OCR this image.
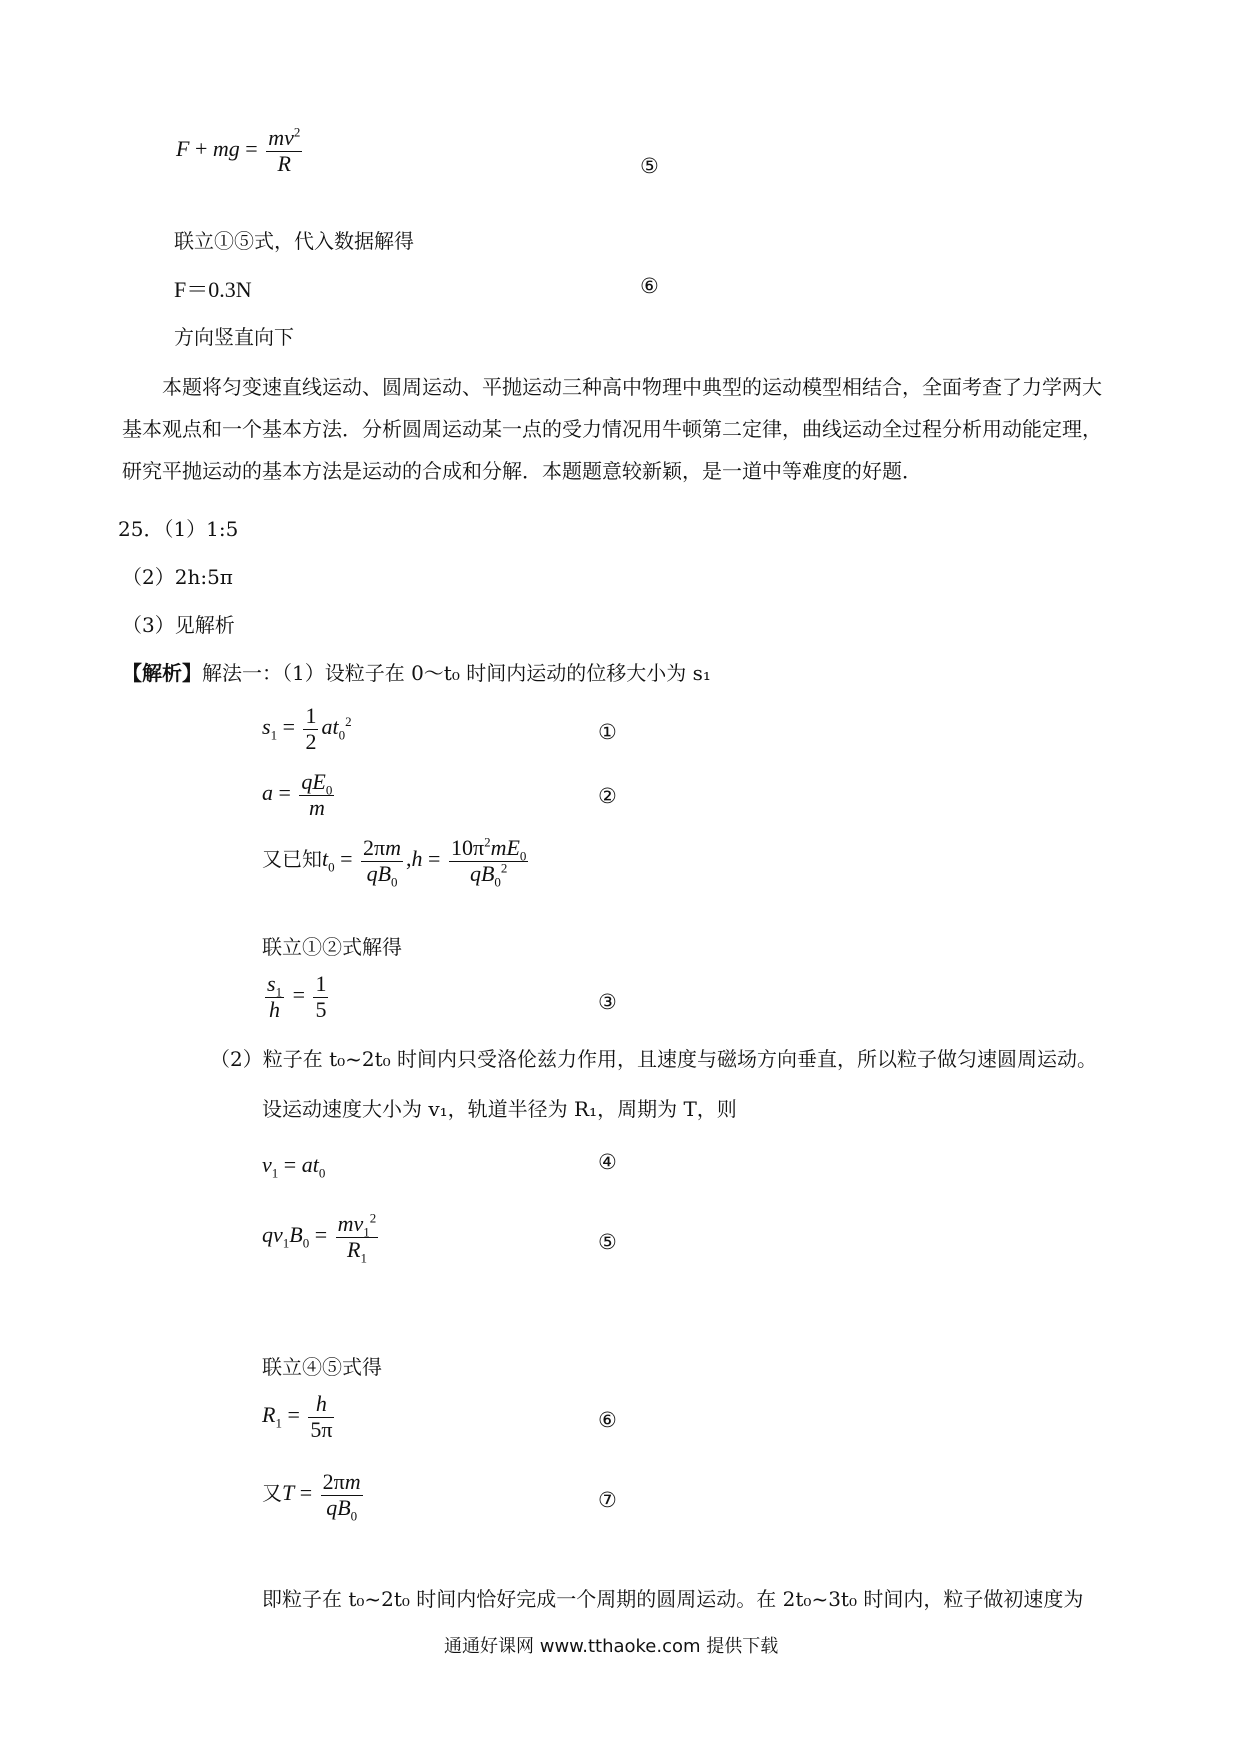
F + mg = $\frac{mv^2}{R}$	⑤
联立①⑤式，代入数据解得
F＝0.3N	⑥
方向竖直向下
本题将匀变速直线运动、圆周运动、平抛运动三种高中物理中典型的运动模型相结合，全面考查了力学两大基本观点和一个基本方法．分析圆周运动某一点的受力情况用牛顿第二定律，曲线运动全过程分析用动能定理，研究平抛运动的基本方法是运动的合成和分解．本题题意较新颖，是一道中等难度的好题．
25．（1）1:5
（2）2h:5π
（3）见解析
【解析】解法一：（1）设粒子在 0～t₀ 时间内运动的位移大小为 s₁
$s_1 = \frac{1}{2} at_0^2$	①
$a = \frac{qE_0}{m}$	②
又已知$t_0 = \frac{2\pi m}{qB_0} ,h = \frac{10\pi^2mE_0}{qB_0^2}$
联立①②式解得
$\frac{s_1}{h} = \frac{1}{5}$	③
（2）粒子在 t₀~2t₀ 时间内只受洛伦兹力作用，且速度与磁场方向垂直，所以粒子做匀速圆周运动。
设运动速度大小为 v₁，轨道半径为 R₁，周期为 T，则
$v_1 = at_0$	④
$qv_1B_0 = \frac{mv_1^2}{R_1}$	⑤
联立④⑤式得
$R_1 = \frac{h}{5\pi}$	⑥
又$T = \frac{2\pi m}{qB_0}$	⑦
即粒子在 t₀~2t₀ 时间内恰好完成一个周期的圆周运动。在 2t₀~3t₀ 时间内，粒子做初速度为
通通好课网 www.tthaoke.com 提供下载
